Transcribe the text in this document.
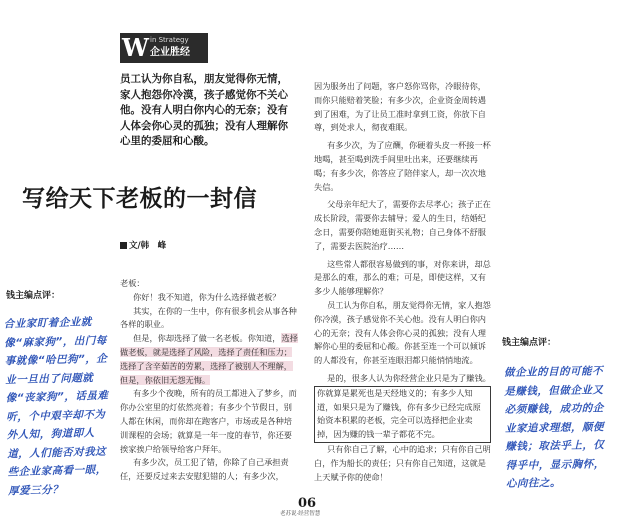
W in Strategy
企业胜经

员工认为你自私，朋友觉得你无情，家人抱怨你冷漠，孩子感觉你不关心他。没有人明白你内心的无奈；没有人体会你心灵的孤独；没有人理解你心里的委屈和心酸。

写给天下老板的一封信
文/韩　峰

老板：

你好！我不知道，你为什么选择做老板？

其实，在你的一生中，你有很多机会从事各种各样的职业。

但是，你却选择了做一名老板。你知道，选择做老板，就是选择了风险，选择了责任和压力；选择了含辛茹苦的劳累，选择了被别人不理解，但是，你依旧无怨无悔。

有多少个夜晚，所有的员工都进入了梦乡，而你办公室里的灯依然亮着；有多少个节假日，别人都在休闲，而你却在跑客户，市场或是各种培训课程的会场；就算是一年一度的春节，你还要挨家挨户给领导给客户拜年。

有多少次，员工犯了错，你除了自己承担责任，还要反过来去安慰犯错的人；有多少次，

因为服务出了问题，客户怒你骂你，冷眼待你，而你只能赔着笑脸；有多少次，企业资金周转遇到了困难，为了让员工准时拿到工资，你放下自尊，到处求人，彻夜难眠。

有多少次，为了应酬，你硬着头皮一杯接一杯地喝，甚至喝到洗手间里吐出来，还要继续再喝；有多少次，你答应了陪伴家人，却一次次地失信。

父母亲年纪大了，需要你去尽孝心；孩子正在成长阶段，需要你去辅导；爱人的生日，结婚纪念日，需要你陪她逛街买礼物；自己身体不舒服了，需要去医院治疗……

这些常人都很容易做到的事，对你来讲，却总是那么的难，那么的难；可是，即使这样，又有多少人能够理解你？

员工认为你自私，朋友觉得你无情，家人抱怨你冷漠，孩子感觉你不关心他。没有人明白你内心的无奈；没有人体会你心灵的孤独；没有人理解你心里的委屈和心酸。你甚至连一个可以倾诉的人都没有，你甚至连眼泪都只能悄悄地流。

是的，很多人认为你经营企业只是为了赚钱。

你就算是累死也是天经地义的；有多少人知道，如果只是为了赚钱，你有多少已经完成原始资本积累的老板，完全可以选择把企业卖掉，因为赚的钱一辈子都花不完。

只有你自己了解，心中的追求；只有你自己明白，作为船长的责任；只有你自己知道，这就是上天赋予你的使命！

钱主编点评：
合业家盯着企业就像“麻家狗”，出门每事就像“哈巴狗”，企业一旦出了问题就像“丧家狗”，话虽难听，个中艰辛却不为外人知，狗道即人道，人们能否对我这些企业家高看一眼，厚爱三分？
钱主编点评：
做企业的目的可能不是赚钱，但做企业又必须赚钱，成功的企业家追求理想，顺便赚钱；取法乎上，仅得乎中，显示胸怀，心向往之。
06
老苏说·经营智慧
